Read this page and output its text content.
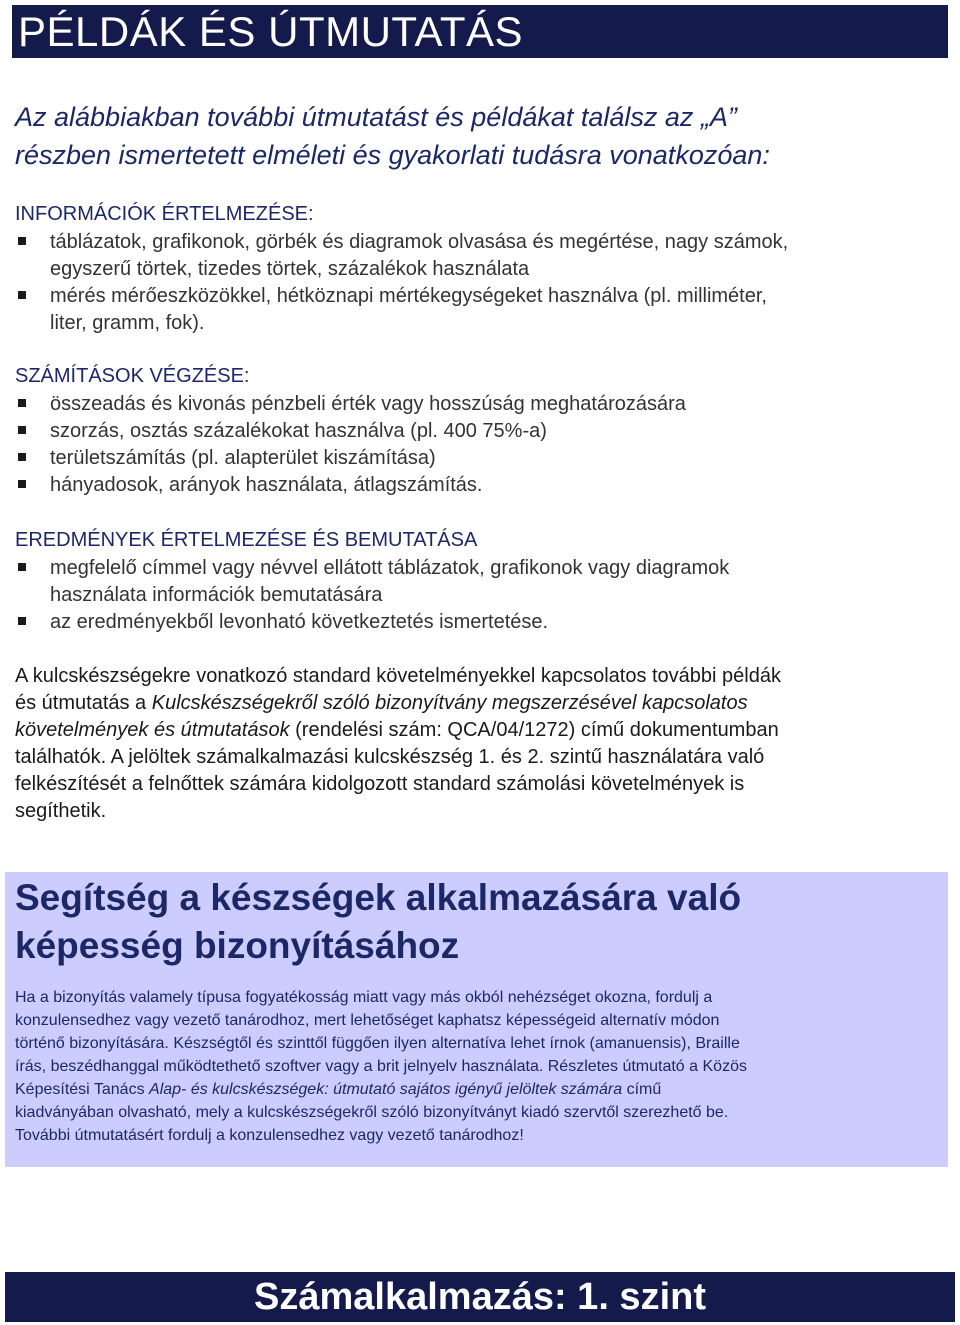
PÉLDÁK ÉS ÚTMUTATÁS
Az alábbiakban további útmutatást és példákat találsz az „A”
részben ismertetett elméleti és gyakorlati tudásra vonatkozóan:
INFORMÁCIÓK ÉRTELMEZÉSE:
táblázatok, grafikonok, görbék és diagramok olvasása és megértése, nagy számok,
egyszerű törtek, tizedes törtek, százalékok használata
mérés mérőeszközökkel, hétköznapi mértékegységeket használva (pl. milliméter,
liter, gramm, fok).
SZÁMÍTÁSOK VÉGZÉSE:
összeadás és kivonás pénzbeli érték vagy hosszúság meghatározására
szorzás, osztás százalékokat használva (pl. 400 75%-a)
területszámítás (pl. alapterület kiszámítása)
hányadosok, arányok használata, átlagszámítás.
EREDMÉNYEK ÉRTELMEZÉSE ÉS BEMUTATÁSA
megfelelő címmel vagy névvel ellátott táblázatok, grafikonok vagy diagramok
használata információk bemutatására
az eredményekből levonható következtetés ismertetése.
A kulcskészségekre vonatkozó standard követelményekkel kapcsolatos további példák
és útmutatás a Kulcskészségekről szóló bizonyítvány megszerzésével kapcsolatos
követelmények és útmutatások (rendelési szám: QCA/04/1272) című dokumentumban
találhatók. A jelöltek számalkalmazási kulcskészség 1. és 2. szintű használatára való
felkészítését a felnőttek számára kidolgozott standard számolási követelmények is
segíthetik.
Segítség a készségek alkalmazására való
képesség bizonyításához
Ha a bizonyítás valamely típusa fogyatékosság miatt vagy más okból nehézséget okozna, fordulj a
konzulensedhez vagy vezető tanárodhoz, mert lehetőséget kaphatsz képességeid alternatív módon
történő bizonyítására. Készségtől és szinttől függően ilyen alternatíva lehet írnok (amanuensis), Braille
írás, beszédhanggal működtethető szoftver vagy a brit jelnyelv használata. Részletes útmutató a Közös
Képesítési Tanács Alap- és kulcskészségek: útmutató sajátos igényű jelöltek számára című
kiadványában olvasható, mely a kulcskészségekről szóló bizonyítványt kiadó szervtől szerezhető be.
További útmutatásért fordulj a konzulensedhez vagy vezető tanárodhoz!
Számalkalmazás: 1. szint
